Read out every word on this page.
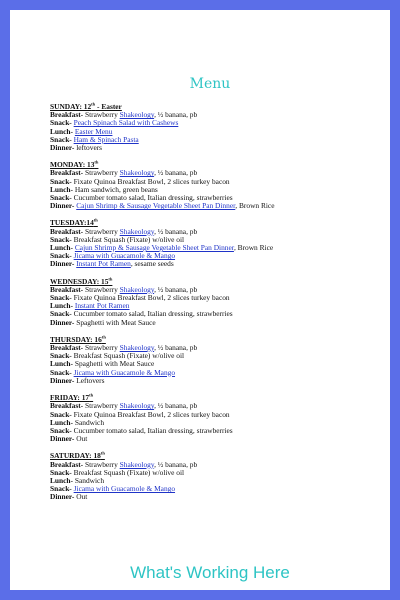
Menu
SUNDAY: 12th - Easter
Breakfast- Strawberry Shakeology, ½ banana, pb
Snack- Peach Spinach Salad with Cashews
Lunch- Easter Menu
Snack- Ham & Spinach Pasta
Dinner- leftovers
MONDAY: 13th
Breakfast- Strawberry Shakeology, ½ banana, pb
Snack- Fixate Quinoa Breakfast Bowl, 2 slices turkey bacon
Lunch- Ham sandwich, green beans
Snack- Cucumber tomato salad, Italian dressing, strawberries
Dinner- Cajun Shrimp & Sausage Vegetable Sheet Pan Dinner, Brown Rice
TUESDAY:14th
Breakfast- Strawberry Shakeology, ½ banana, pb
Snack- Breakfast Squash (Fixate) w/olive oil
Lunch- Cajun Shrimp & Sausage Vegetable Sheet Pan Dinner, Brown Rice
Snack- Jicama with Guacamole & Mango
Dinner- Instant Pot Ramen, sesame seeds
WEDNESDAY: 15th
Breakfast- Strawberry Shakeology, ½ banana, pb
Snack- Fixate Quinoa Breakfast Bowl, 2 slices turkey bacon
Lunch- Instant Pot Ramen
Snack- Cucumber tomato salad, Italian dressing, strawberries
Dinner- Spaghetti with Meat Sauce
THURSDAY: 16th
Breakfast- Strawberry Shakeology, ½ banana, pb
Snack- Breakfast Squash (Fixate) w/olive oil
Lunch- Spaghetti with Meat Sauce
Snack- Jicama with Guacamole & Mango
Dinner- Leftovers
FRIDAY: 17th
Breakfast- Strawberry Shakeology, ½ banana, pb
Snack- Fixate Quinoa Breakfast Bowl, 2 slices turkey bacon
Lunch- Sandwich
Snack- Cucumber tomato salad, Italian dressing, strawberries
Dinner- Out
SATURDAY: 18th
Breakfast- Strawberry Shakeology, ½ banana, pb
Snack- Breakfast Squash (Fixate) w/olive oil
Lunch- Sandwich
Snack- Jicama with Guacamole & Mango
Dinner- Out
What's Working Here
